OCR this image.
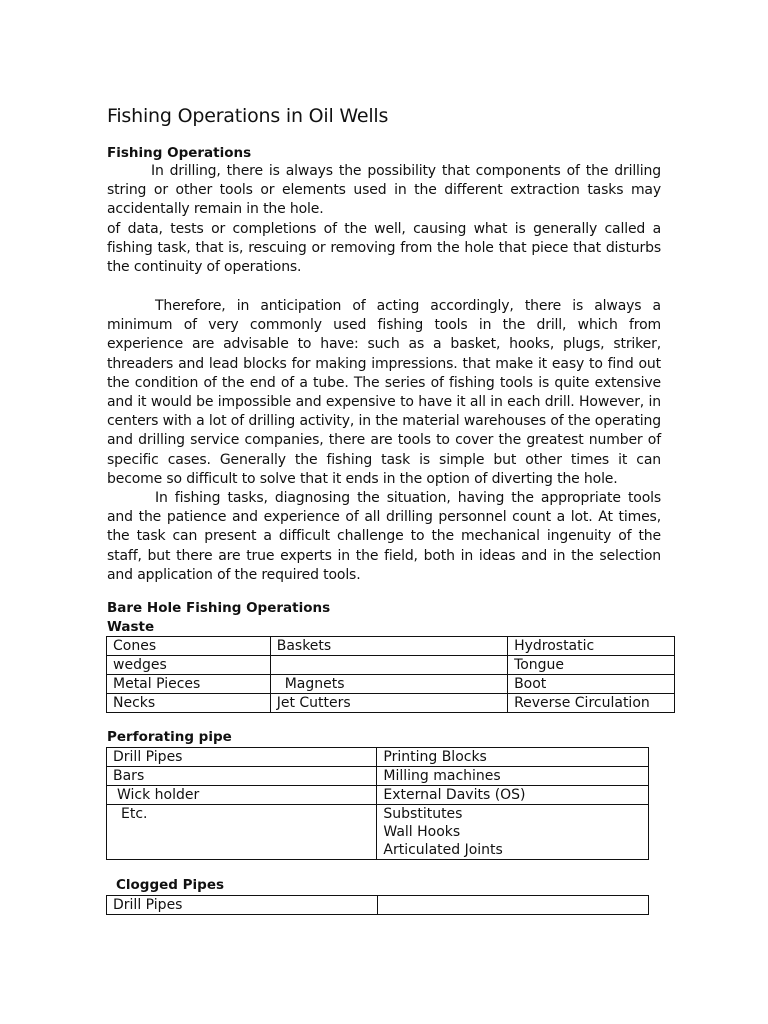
Fishing Operations in Oil Wells
Fishing Operations

In drilling, there is always the possibility that components of the drilling string or other tools or elements used in the different extraction tasks may accidentally remain in the hole.

of data, tests or completions of the well, causing what is generally called a fishing task, that is, rescuing or removing from the hole that piece that disturbs the continuity of operations.

Therefore, in anticipation of acting accordingly, there is always a minimum of very commonly used fishing tools in the drill, which from experience are advisable to have: such as a basket, hooks, plugs, striker, threaders and lead blocks for making impressions. that make it easy to find out the condition of the end of a tube. The series of fishing tools is quite extensive and it would be impossible and expensive to have it all in each drill. However, in centers with a lot of drilling activity, in the material warehouses of the operating and drilling service companies, there are tools to cover the greatest number of specific cases. Generally the fishing task is simple but other times it can become so difficult to solve that it ends in the option of diverting the hole.

In fishing tasks, diagnosing the situation, having the appropriate tools and the patience and experience of all drilling personnel count a lot. At times, the task can present a difficult challenge to the mechanical ingenuity of the staff, but there are true experts in the field, both in ideas and in the selection and application of the required tools.

Bare Hole Fishing Operations
Waste
Cones	Baskets	Hydrostatic
wedges		Tongue
Metal Pieces	Magnets	Boot
Necks	Jet Cutters	Reverse Circulation
Perforating pipe
Drill Pipes	Printing Blocks
Bars	Milling machines
Wick holder	External Davits (OS)
Etc.	Substitutes
Wall Hooks
Articulated Joints
Clogged Pipes
Drill Pipes	
